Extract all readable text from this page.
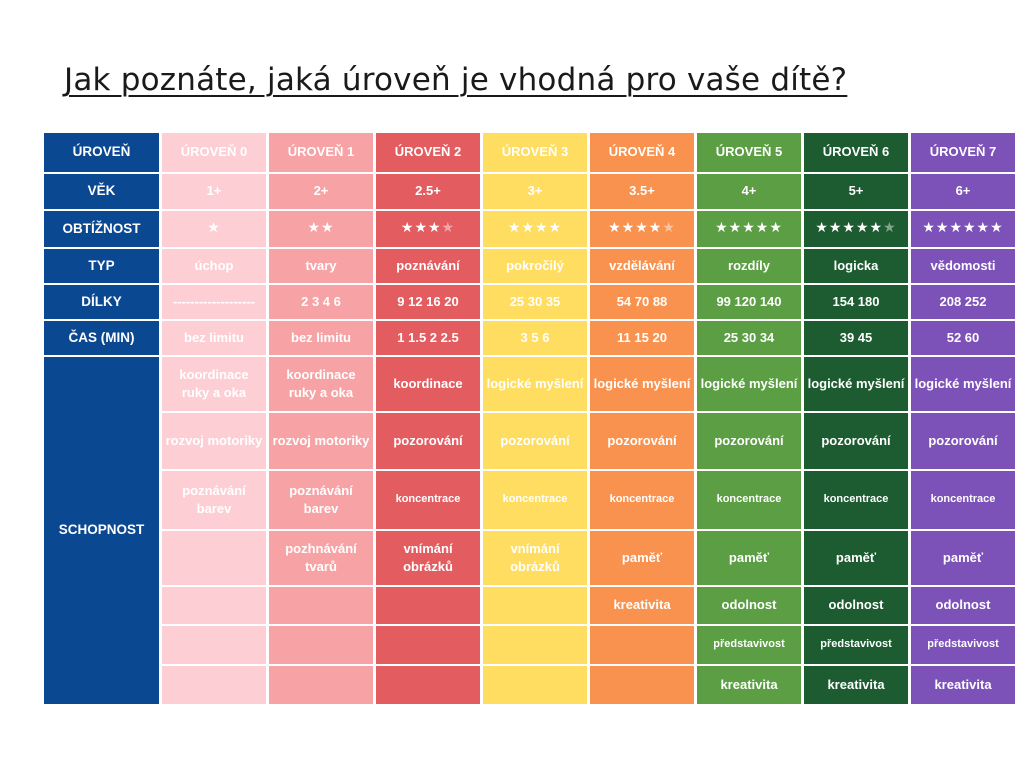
Jak poznáte, jaká úroveň je vhodná pro vaše dítě?
ÚROVEŇ
VĚK
OBTÍŽNOST
TYP
DÍLKY
ČAS (MIN)
SCHOPNOST
ÚROVEŇ 0
1+
★
úchop
-------------------
bez limitu
koordinace ruky a oka
rozvoj motoriky
poznávání barev
ÚROVEŇ 1
2+
★★
tvary
2 3 4 6
bez limitu
koordinace ruky a oka
rozvoj motoriky
poznávání barev
pozhnávání tvarů
ÚROVEŇ 2
2.5+
★★★ ★
poznávání
9 12 16 20
1 1.5 2 2.5
koordinace
pozorování
koncentrace
vnímání obrázků
ÚROVEŇ 3
3+
★★★★
pokročilý
25 30 35
3 5 6
logické myšlení
pozorování
koncentrace
vnímání obrázků
ÚROVEŇ 4
3.5+
★★★★ ★
vzdělávání
54 70 88
11 15 20
logické myšlení
pozorování
koncentrace
paměť
kreativita
ÚROVEŇ 5
4+
★★★★★
rozdíly
99 120 140
25 30 34
logické myšlení
pozorování
koncentrace
paměť
odolnost
představivost
kreativita
ÚROVEŇ 6
5+
★★★★★ ★
logicka
154 180
39 45
logické myšlení
pozorování
koncentrace
paměť
odolnost
představivost
kreativita
ÚROVEŇ 7
6+
★★★★★★
vědomosti
208 252
52 60
logické myšlení
pozorování
koncentrace
paměť
odolnost
představivost
kreativita
